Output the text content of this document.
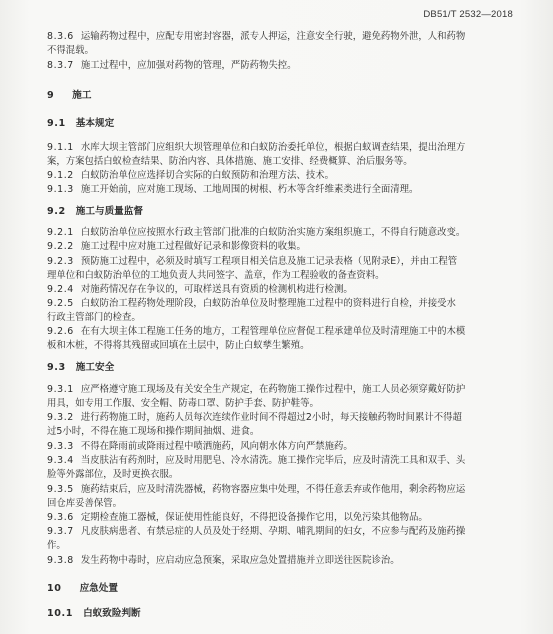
DB51/T 2532—2018
8.3.6 运输药物过程中，应配专用密封容器，派专人押运，注意安全行驶，避免药物外泄，人和药物
不得混载。
8.3.7 施工过程中，应加强对药物的管理，严防药物失控。
9 施工
9.1 基本规定
9.1.1 水库大坝主管部门应组织大坝管理单位和白蚁防治委托单位，根据白蚁调查结果，提出治理方
案，方案包括白蚁检查结果、防治内容、具体措施、施工安排、经费概算、治后服务等。
9.1.2 白蚁防治单位应选择切合实际的白蚁预防和治理方法、技术。
9.1.3 施工开始前，应对施工现场、工地周围的树根、朽木等含纤维素类进行全面清理。
9.2 施工与质量监督
9.2.1 白蚁防治单位应按照水行政主管部门批准的白蚁防治实施方案组织施工，不得自行随意改变。
9.2.2 施工过程中应对施工过程做好记录和影像资料的收集。
9.2.3 预防施工过程中，必须及时填写工程项目相关信息及施工记录表格（见附录E），并由工程管
理单位和白蚁防治单位的工地负责人共同签字、盖章，作为工程验收的备查资料。
9.2.4 对施药情况存在争议的，可取样送具有资质的检测机构进行检测。
9.2.5 白蚁防治工程药物处理阶段，白蚁防治单位及时整理施工过程中的资料进行自检，并接受水
行政主管部门的检查。
9.2.6 在有大坝主体工程施工任务的地方，工程管理单位应督促工程承建单位及时清理施工中的木模
板和木桩，不得将其残留或回填在土层中，防止白蚁孳生繁殖。
9.3 施工安全
9.3.1 应严格遵守施工现场及有关安全生产规定，在药物施工操作过程中，施工人员必须穿戴好防护
用具，如专用工作服、安全帽、防毒口罩、防护手套、防护鞋等。
9.3.2 进行药物施工时，施药人员每次连续作业时间不得超过2小时，每天接触药物时间累计不得超
过5小时，不得在施工现场和操作期间抽烟、进食。
9.3.3 不得在降雨前或降雨过程中喷洒施药，风向朝水体方向严禁施药。
9.3.4 当皮肤沾有药剂时，应及时用肥皂、冷水清洗。施工操作完毕后，应及时清洗工具和双手、头
脸等外露部位，及时更换衣服。
9.3.5 施药结束后，应及时清洗器械，药物容器应集中处理，不得任意丢弃或作他用，剩余药物应运
回仓库妥善保管。
9.3.6 定期检查施工器械，保证使用性能良好，不得把设备操作它用，以免污染其他物品。
9.3.7 凡皮肤病患者、有禁忌症的人员及处于经期、孕期、哺乳期间的妇女，不应参与配药及施药操
作。
9.3.8 发生药物中毒时，应启动应急预案，采取应急处置措施并立即送往医院诊治。
10 应急处置
10.1 白蚁致险判断
